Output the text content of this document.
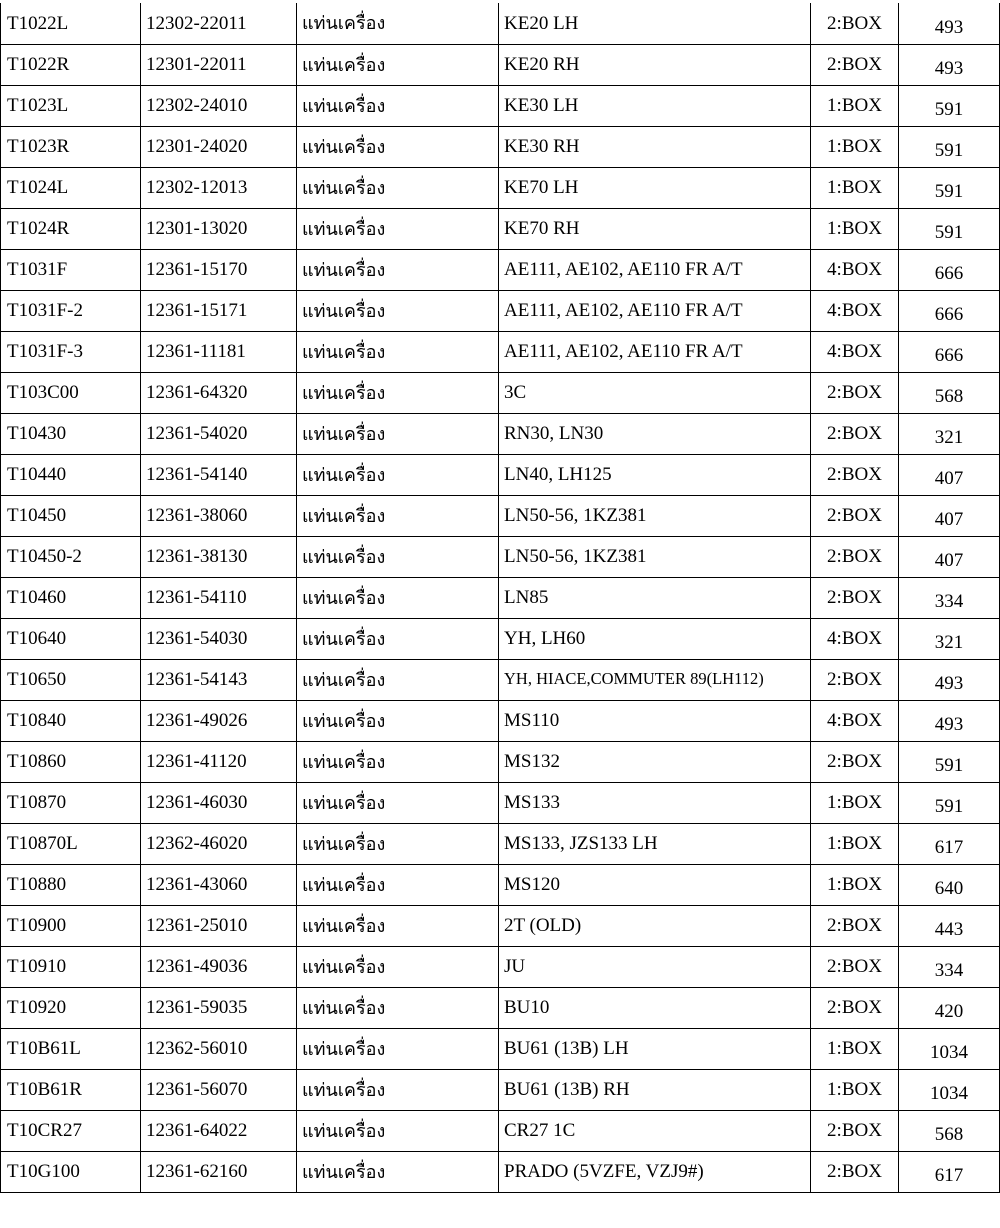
T1022L	12302-22011	แท่นเครื่อง	KE20 LH	2:BOX	493
T1022R	12301-22011	แท่นเครื่อง	KE20 RH	2:BOX	493
T1023L	12302-24010	แท่นเครื่อง	KE30 LH	1:BOX	591
T1023R	12301-24020	แท่นเครื่อง	KE30 RH	1:BOX	591
T1024L	12302-12013	แท่นเครื่อง	KE70 LH	1:BOX	591
T1024R	12301-13020	แท่นเครื่อง	KE70 RH	1:BOX	591
T1031F	12361-15170	แท่นเครื่อง	AE111, AE102, AE110 FR A/T	4:BOX	666
T1031F-2	12361-15171	แท่นเครื่อง	AE111, AE102, AE110 FR A/T	4:BOX	666
T1031F-3	12361-11181	แท่นเครื่อง	AE111, AE102, AE110 FR A/T	4:BOX	666
T103C00	12361-64320	แท่นเครื่อง	3C	2:BOX	568
T10430	12361-54020	แท่นเครื่อง	RN30, LN30	2:BOX	321
T10440	12361-54140	แท่นเครื่อง	LN40, LH125	2:BOX	407
T10450	12361-38060	แท่นเครื่อง	LN50-56, 1KZ381	2:BOX	407
T10450-2	12361-38130	แท่นเครื่อง	LN50-56, 1KZ381	2:BOX	407
T10460	12361-54110	แท่นเครื่อง	LN85	2:BOX	334
T10640	12361-54030	แท่นเครื่อง	YH, LH60	4:BOX	321
T10650	12361-54143	แท่นเครื่อง	YH, HIACE,COMMUTER 89(LH112)	2:BOX	493
T10840	12361-49026	แท่นเครื่อง	MS110	4:BOX	493
T10860	12361-41120	แท่นเครื่อง	MS132	2:BOX	591
T10870	12361-46030	แท่นเครื่อง	MS133	1:BOX	591
T10870L	12362-46020	แท่นเครื่อง	MS133, JZS133 LH	1:BOX	617
T10880	12361-43060	แท่นเครื่อง	MS120	1:BOX	640
T10900	12361-25010	แท่นเครื่อง	2T (OLD)	2:BOX	443
T10910	12361-49036	แท่นเครื่อง	JU	2:BOX	334
T10920	12361-59035	แท่นเครื่อง	BU10	2:BOX	420
T10B61L	12362-56010	แท่นเครื่อง	BU61 (13B) LH	1:BOX	1034
T10B61R	12361-56070	แท่นเครื่อง	BU61 (13B) RH	1:BOX	1034
T10CR27	12361-64022	แท่นเครื่อง	CR27 1C	2:BOX	568
T10G100	12361-62160	แท่นเครื่อง	PRADO (5VZFE, VZJ9#)	2:BOX	617
